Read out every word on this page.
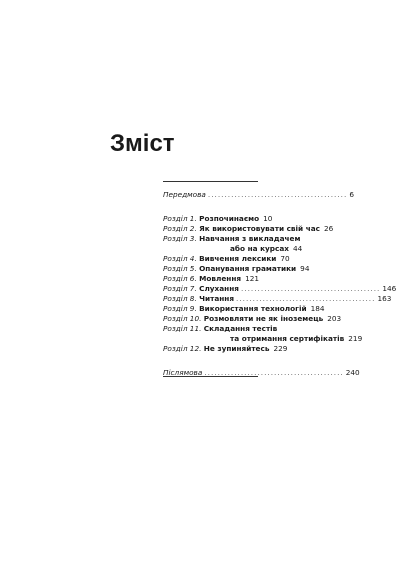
Зміст
Передмова .......................................... 6
Розділ 1. Розпочинаємо 10
Розділ 2. Як використовувати свій час 26
Розділ 3. Навчання з викладачем
або на курсах 44
Розділ 4. Вивчення лексики 70
Розділ 5. Опанування граматики 94
Розділ 6. Мовлення 121
Розділ 7. Слухання .......................................... 146
Розділ 8. Читання .......................................... 163
Розділ 9. Використання технологій 184
Розділ 10. Розмовляти не як іноземець 203
Розділ 11. Складання тестів
та отримання сертифікатів 219
Розділ 12. Не зупиняйтесь 229
Післямова .......................................... 240
